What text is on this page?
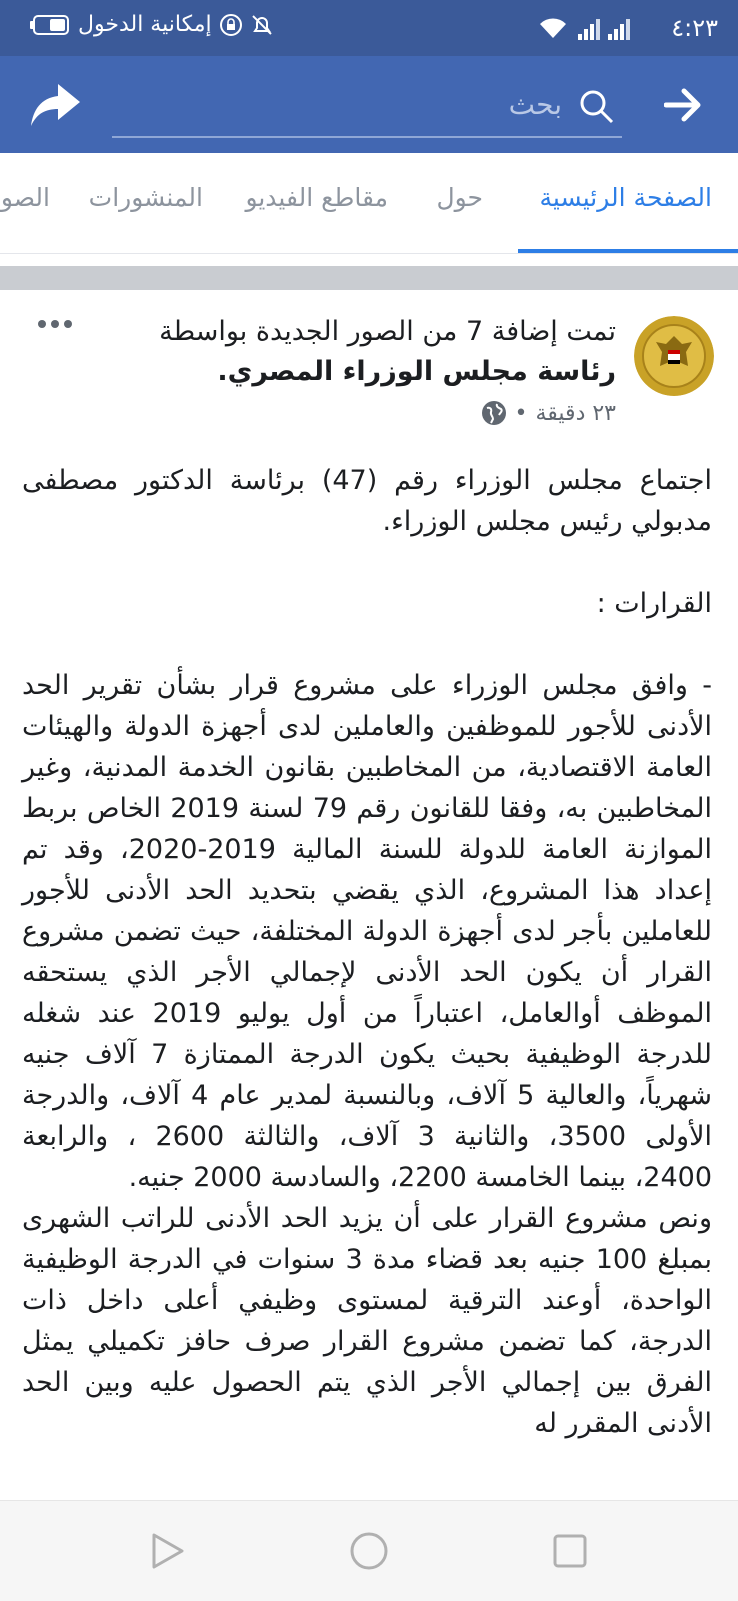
إمكانية الدخول	٤:٢٣
بحث
الصفحة الرئيسية
حول
مقاطع الفيديو
المنشورات
الصو
تمت إضافة 7 من الصور الجديدة بواسطة رئاسة مجلس الوزراء المصري.
٢٣ دقيقة
•

اجتماع مجلس الوزراء رقم (47) برئاسة الدكتور مصطفى مدبولي رئيس مجلس الوزراء.

القرارات :

- وافق مجلس الوزراء على مشروع قرار بشأن تقرير الحد الأدنى للأجور للموظفين والعاملين لدى أجهزة الدولة والهيئات العامة الاقتصادية، من المخاطبين بقانون الخدمة المدنية، وغير المخاطبين به، وفقا للقانون رقم 79 لسنة 2019 الخاص بربط الموازنة العامة للدولة للسنة المالية 2019-2020، وقد تم إعداد هذا المشروع، الذي يقضي بتحديد الحد الأدنى للأجور للعاملين بأجر لدى أجهزة الدولة المختلفة، حيث تضمن مشروع القرار أن يكون الحد الأدنى لإجمالي الأجر الذي يستحقه الموظف أوالعامل، اعتباراً من أول يوليو 2019 عند شغله للدرجة الوظيفية بحيث يكون الدرجة الممتازة 7 آلاف جنيه شهرياً، والعالية 5 آلاف، وبالنسبة لمدير عام 4 آلاف، والدرجة الأولى 3500، والثانية 3 آلاف، والثالثة 2600 ، والرابعة 2400، بينما الخامسة 2200، والسادسة 2000 جنيه.

ونص مشروع القرار على أن يزيد الحد الأدنى للراتب الشهرى بمبلغ 100 جنيه بعد قضاء مدة 3 سنوات في الدرجة الوظيفية الواحدة، أوعند الترقية لمستوى وظيفي أعلى داخل ذات الدرجة، كما تضمن مشروع القرار صرف حافز تكميلي يمثل الفرق بين إجمالي الأجر الذي يتم الحصول عليه وبين الحد الأدنى المقرر له
